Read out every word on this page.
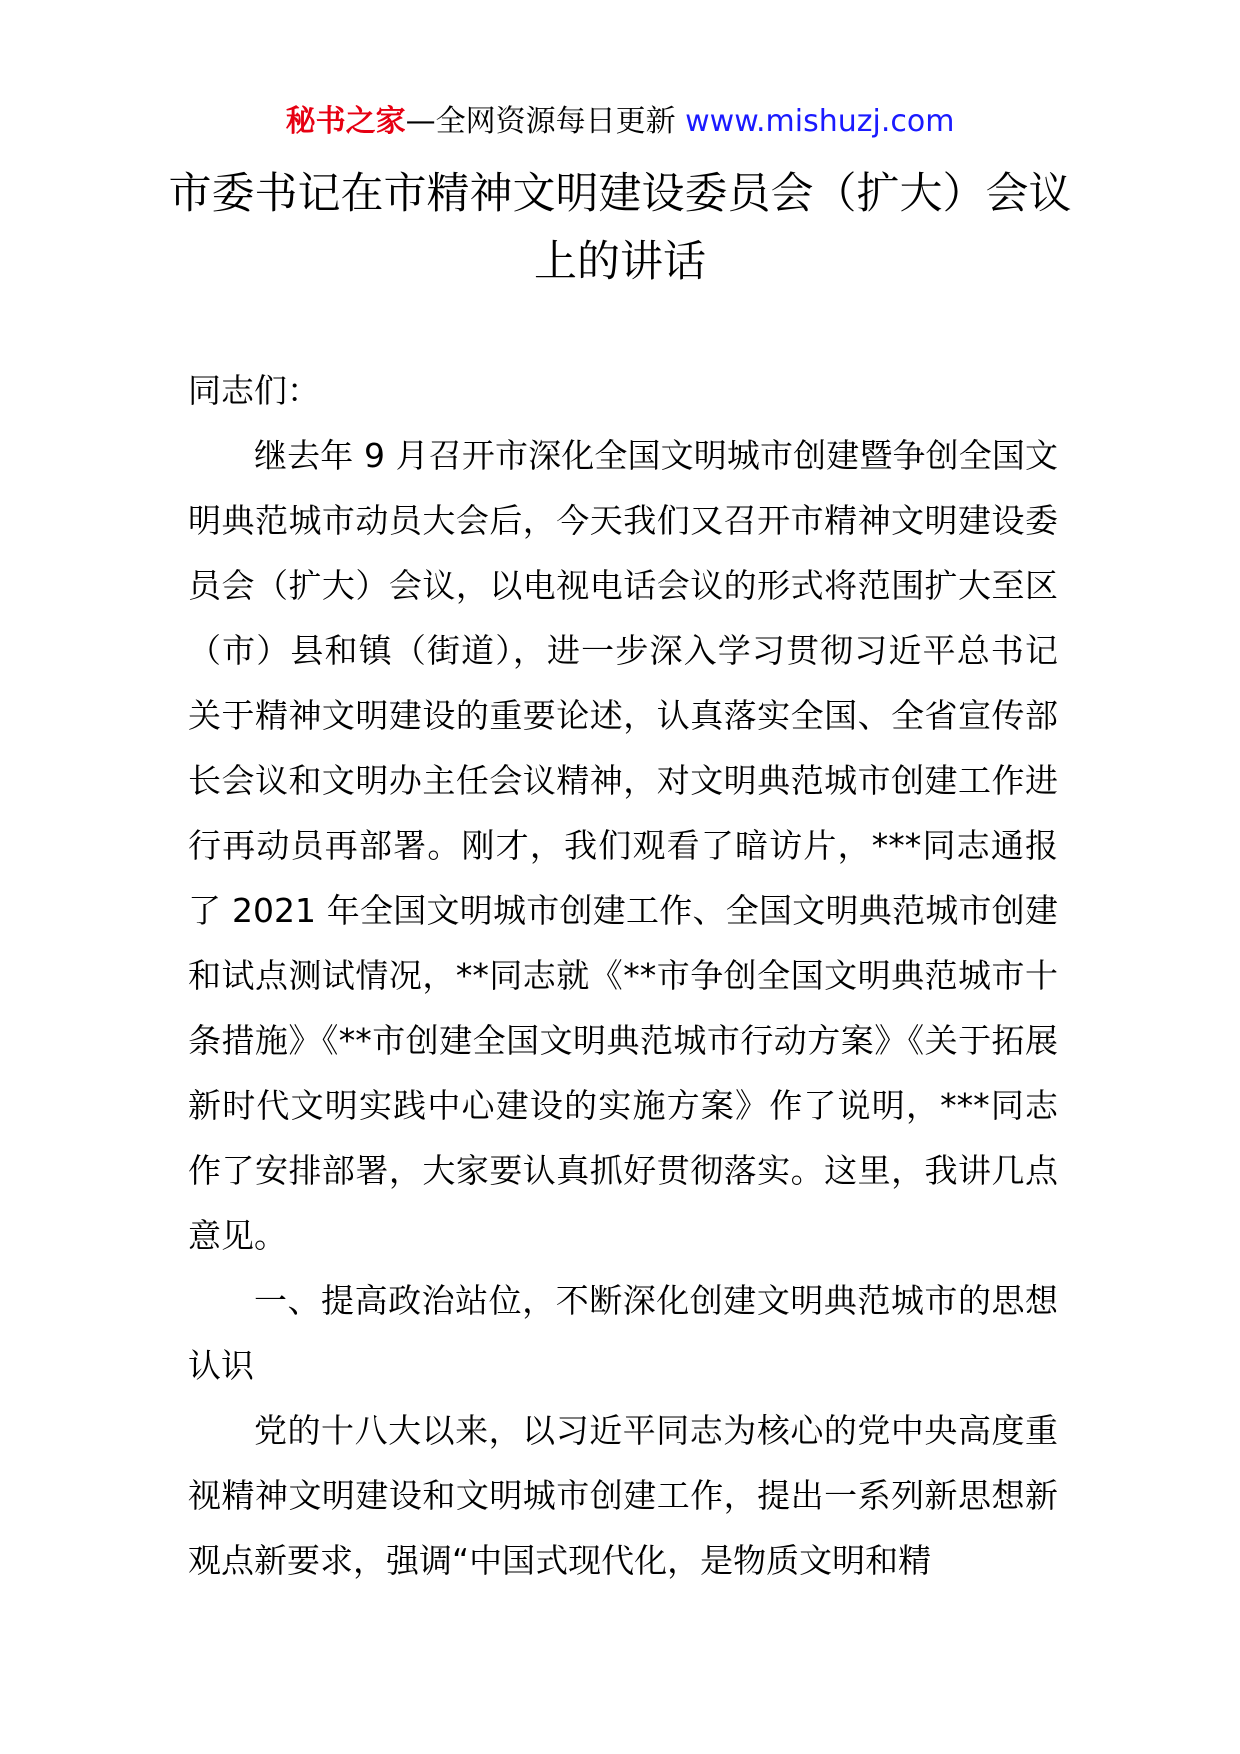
秘书之家—全网资源每日更新 www.mishuzj.com
市委书记在市精神文明建设委员会（扩大）会议上的讲话

同志们：

继去年 9 月召开市深化全国文明城市创建暨争创全国文明典范城市动员大会后，今天我们又召开市精神文明建设委员会（扩大）会议，以电视电话会议的形式将范围扩大至区（市）县和镇（街道），进一步深入学习贯彻习近平总书记关于精神文明建设的重要论述，认真落实全国、全省宣传部长会议和文明办主任会议精神，对文明典范城市创建工作进行再动员再部署。刚才，我们观看了暗访片，***同志通报了 2021 年全国文明城市创建工作、全国文明典范城市创建和试点测试情况，**同志就《**市争创全国文明典范城市十条措施》《**市创建全国文明典范城市行动方案》《关于拓展新时代文明实践中心建设的实施方案》作了说明，***同志作了安排部署，大家要认真抓好贯彻落实。这里，我讲几点意见。

一、提高政治站位，不断深化创建文明典范城市的思想认识

党的十八大以来，以习近平同志为核心的党中央高度重视精神文明建设和文明城市创建工作，提出一系列新思想新观点新要求，强调“中国式现代化，是物质文明和精
